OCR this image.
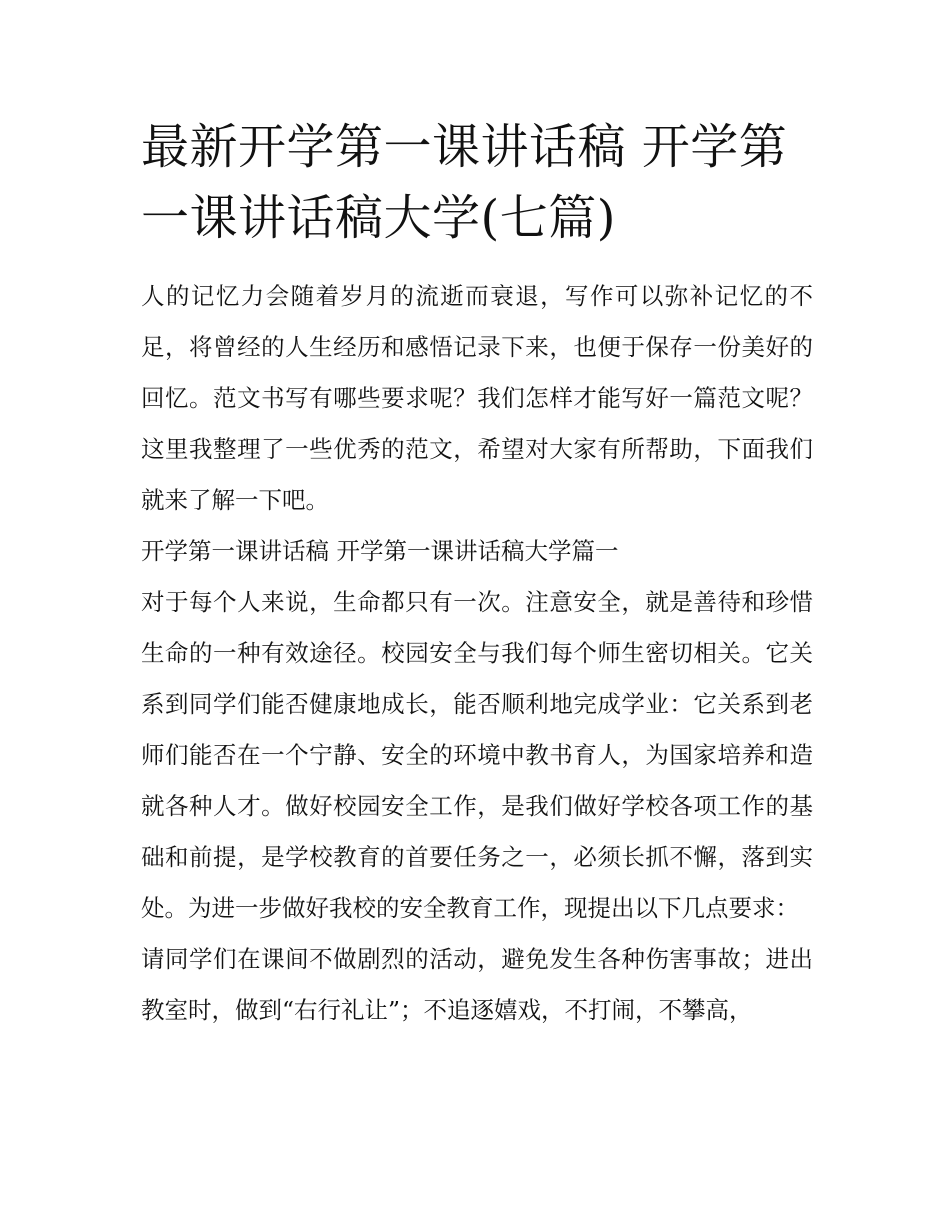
最新开学第一课讲话稿 开学第一课讲话稿大学(七篇)

人的记忆力会随着岁月的流逝而衰退，写作可以弥补记忆的不足，将曾经的人生经历和感悟记录下来，也便于保存一份美好的回忆。范文书写有哪些要求呢？我们怎样才能写好一篇范文呢？这里我整理了一些优秀的范文，希望对大家有所帮助，下面我们就来了解一下吧。

开学第一课讲话稿 开学第一课讲话稿大学篇一

对于每个人来说，生命都只有一次。注意安全，就是善待和珍惜生命的一种有效途径。校园安全与我们每个师生密切相关。它关系到同学们能否健康地成长，能否顺利地完成学业：它关系到老师们能否在一个宁静、安全的环境中教书育人，为国家培养和造就各种人才。做好校园安全工作，是我们做好学校各项工作的基础和前提，是学校教育的首要任务之一，必须长抓不懈，落到实处。为进一步做好我校的安全教育工作，现提出以下几点要求：

请同学们在课间不做剧烈的活动，避免发生各种伤害事故；进出教室时，做到“右行礼让”；不追逐嬉戏，不打闹，不攀高，
